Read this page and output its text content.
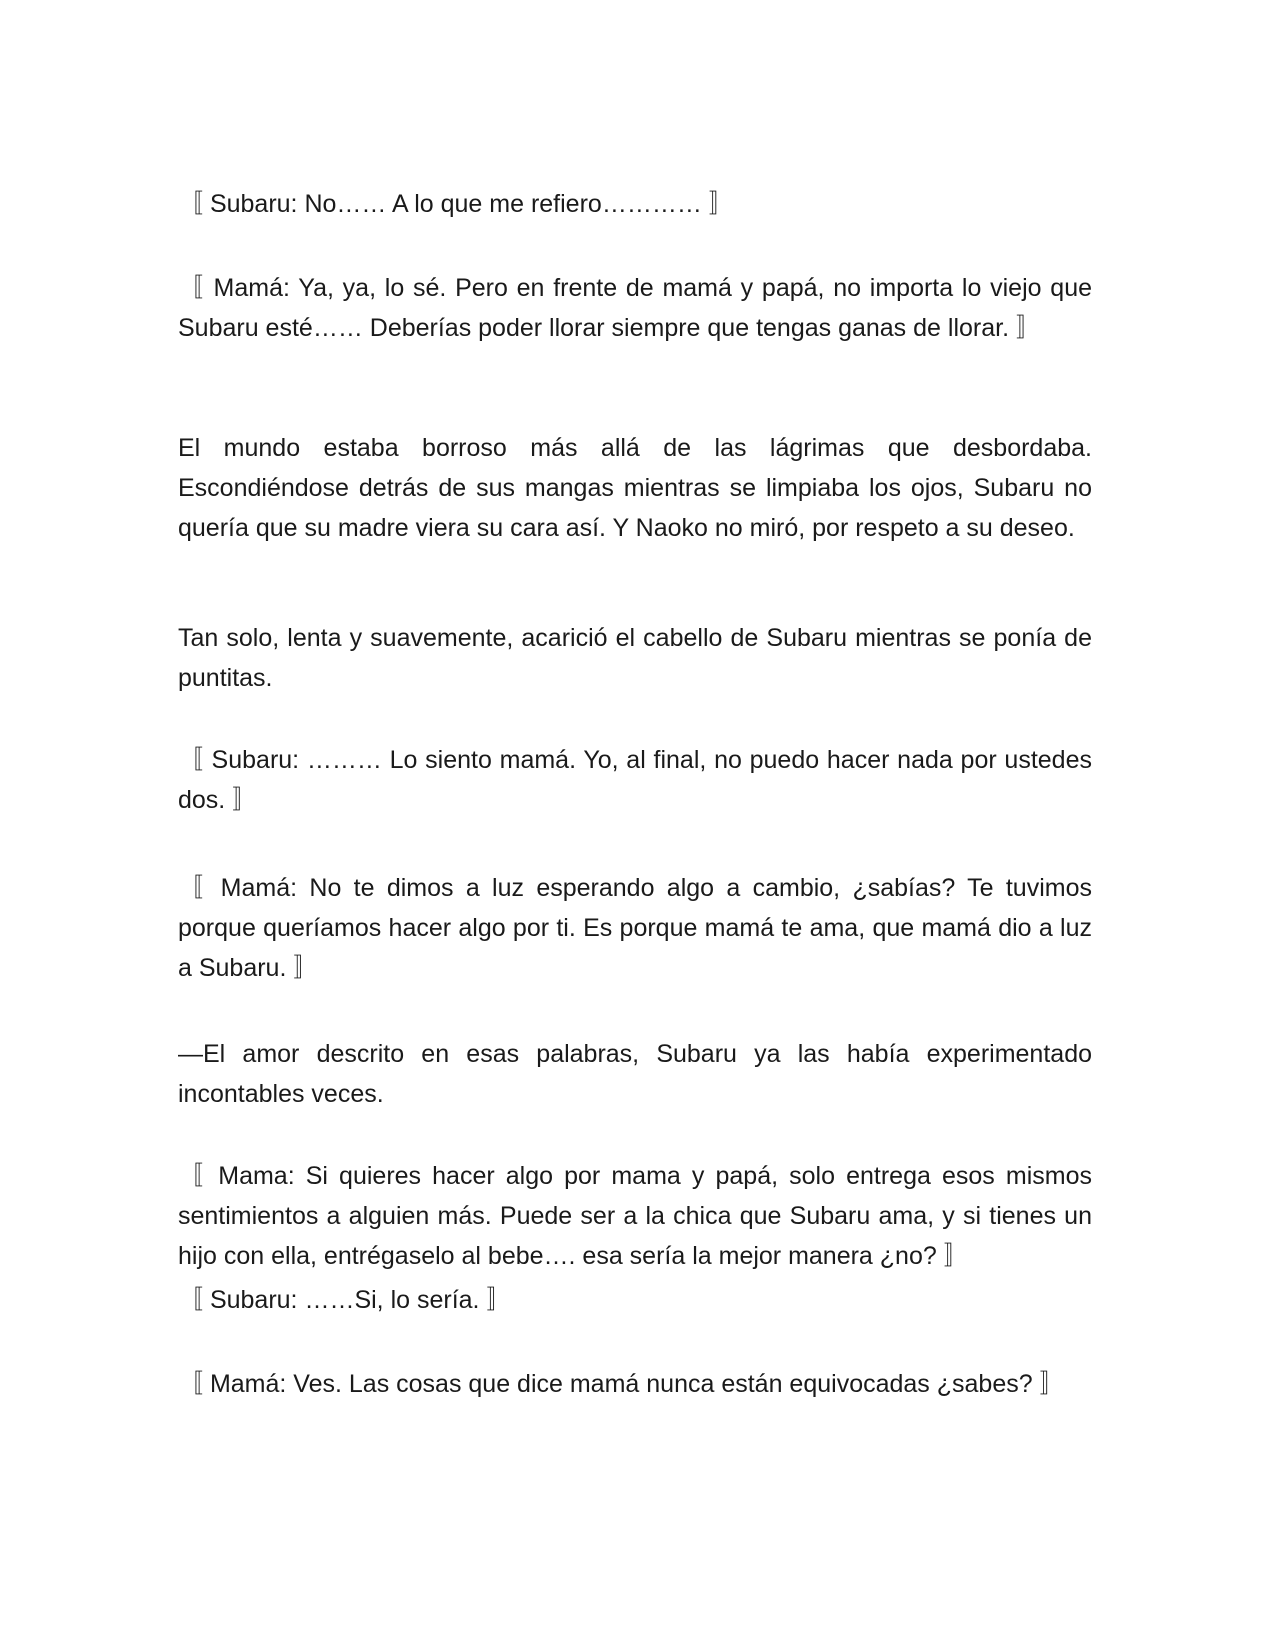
〚 Subaru: No…… A lo que me refiero………… 〛

〚 Mamá: Ya, ya, lo sé. Pero en frente de mamá y papá, no importa lo viejo que Subaru esté…… Deberías poder llorar siempre que tengas ganas de llorar. 〛

El mundo estaba borroso más allá de las lágrimas que desbordaba. Escondiéndose detrás de sus mangas mientras se limpiaba los ojos, Subaru no quería que su madre viera su cara así. Y Naoko no miró, por respeto a su deseo.

Tan solo, lenta y suavemente, acarició el cabello de Subaru mientras se ponía de puntitas.

〚 Subaru: ……… Lo siento mamá. Yo, al final, no puedo hacer nada por ustedes dos. 〛

〚 Mamá: No te dimos a luz esperando algo a cambio, ¿sabías? Te tuvimos porque queríamos hacer algo por ti. Es porque mamá te ama, que mamá dio a luz a Subaru. 〛

—El amor descrito en esas palabras, Subaru ya las había experimentado incontables veces.

〚 Mama: Si quieres hacer algo por mama y papá, solo entrega esos mismos sentimientos a alguien más. Puede ser a la chica que Subaru ama, y si tienes un hijo con ella, entrégaselo al bebe…. esa sería la mejor manera ¿no? 〛

〚 Subaru: ……Si, lo sería. 〛

〚 Mamá: Ves. Las cosas que dice mamá nunca están equivocadas ¿sabes? 〛
